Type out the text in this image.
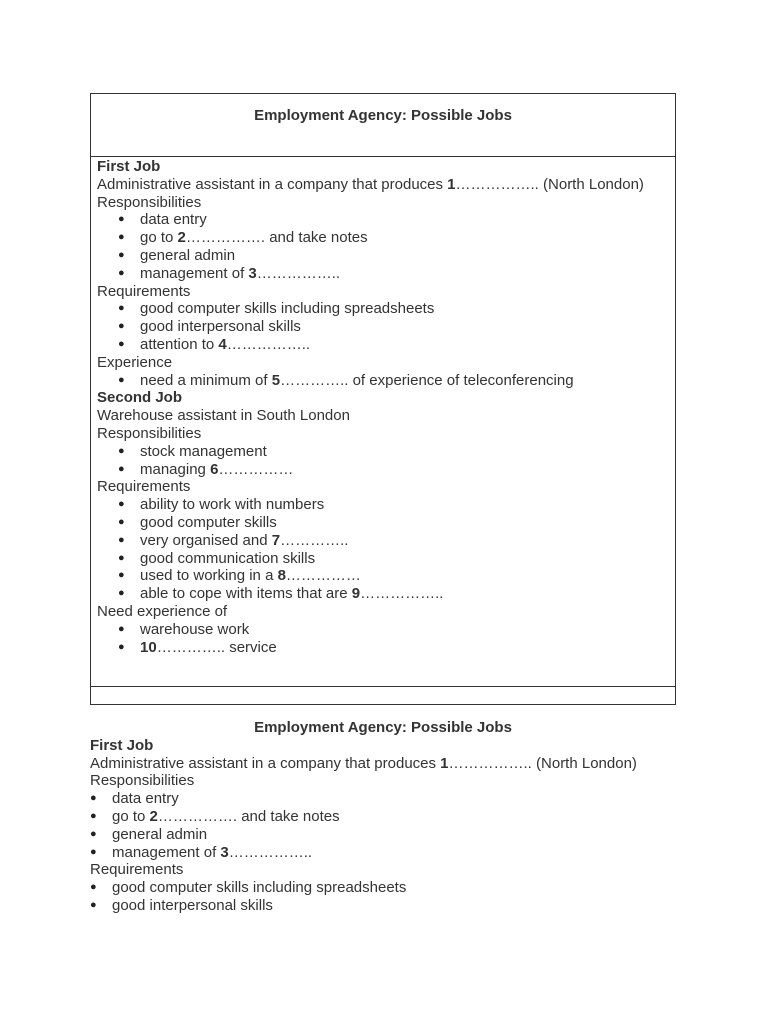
Employment Agency: Possible Jobs
First Job
Administrative assistant in a company that produces 1…………….. (North London)
Responsibilities
● data entry
● go to 2……………. and take notes
● general admin
● management of 3……………..
Requirements
● good computer skills including spreadsheets
● good interpersonal skills
● attention to 4……………..
Experience
● need a minimum of 5………….. of experience of teleconferencing
Second Job
Warehouse assistant in South London
Responsibilities
● stock management
● managing 6……………
Requirements
● ability to work with numbers
● good computer skills
● very organised and 7…………..
● good communication skills
● used to working in a 8……………
● able to cope with items that are 9……………..
Need experience of
● warehouse work
● 10………….. service
Employment Agency: Possible Jobs
First Job
Administrative assistant in a company that produces 1…………….. (North London)
Responsibilities
● data entry
● go to 2……………. and take notes
● general admin
● management of 3……………..
Requirements
● good computer skills including spreadsheets
● good interpersonal skills
